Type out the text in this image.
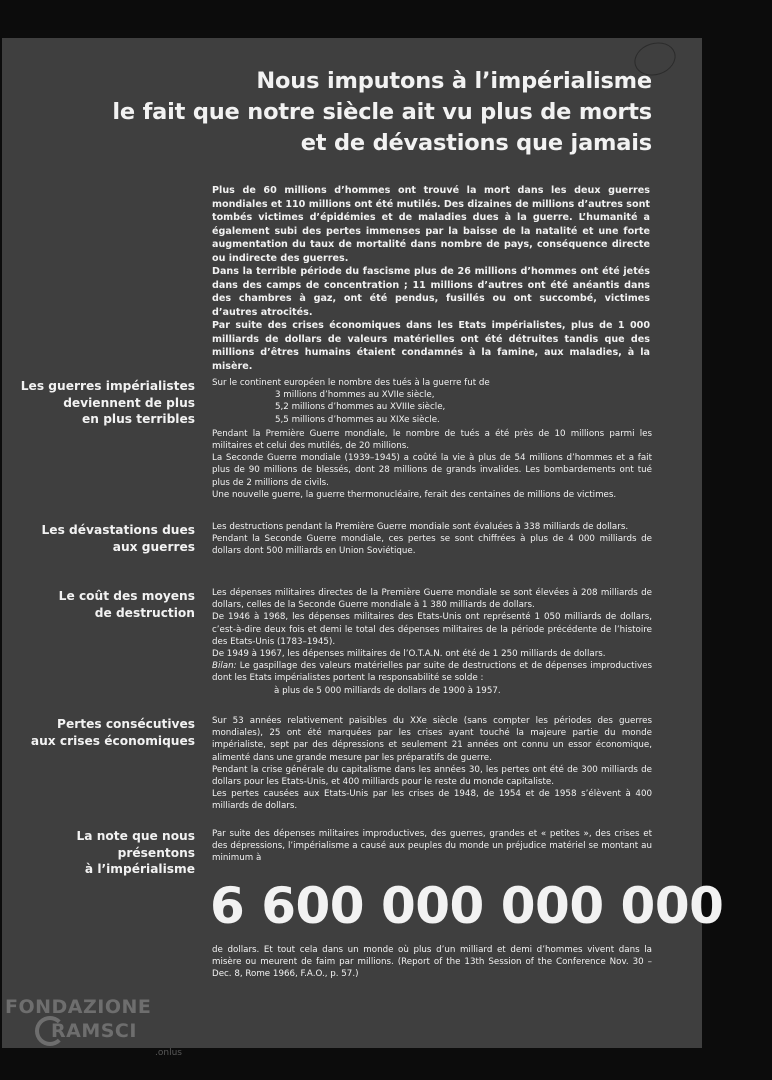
Nous imputons à l’impérialisme
le fait que notre siècle ait vu plus de morts
et de dévastions que jamais

Plus de 60 millions d’hommes ont trouvé la mort dans les deux guerres mondiales et 110 millions ont été mutilés. Des dizaines de millions d’autres sont tombés victimes d’épidémies et de maladies dues à la guerre. L’humanité a également subi des pertes immenses par la baisse de la natalité et une forte augmentation du taux de mortalité dans nombre de pays, conséquence directe ou indirecte des guerres.

Dans la terrible période du fascisme plus de 26 millions d’hommes ont été jetés dans des camps de concentration ; 11 millions d’autres ont été anéantis dans des chambres à gaz, ont été pendus, fusillés ou ont succombé, victimes d’autres atrocités.

Par suite des crises économiques dans les Etats impérialistes, plus de 1 000 milliards de dollars de valeurs matérielles ont été détruites tandis que des millions d’êtres humains étaient condamnés à la famine, aux maladies, à la misère.

Les guerres impérialistes
deviennent de plus
en plus terribles

Sur le continent européen le nombre des tués à la guerre fut de

3 millions d’hommes au XVIIe siècle,
5,2 millions d’hommes au XVIIIe siècle,
5,5 millions d’hommes au XIXe siècle.

Pendant la Première Guerre mondiale, le nombre de tués a été près de 10 millions parmi les militaires et celui des mutilés, de 20 millions.

La Seconde Guerre mondiale (1939–1945) a coûté la vie à plus de 54 millions d’hommes et a fait plus de 90 millions de blessés, dont 28 millions de grands invalides. Les bombardements ont tué plus de 2 millions de civils.

Une nouvelle guerre, la guerre thermonucléaire, ferait des centaines de millions de victimes.

Les dévastations dues
aux guerres

Les destructions pendant la Première Guerre mondiale sont évaluées à 338 milliards de dollars.

Pendant la Seconde Guerre mondiale, ces pertes se sont chiffrées à plus de 4 000 milliards de dollars dont 500 milliards en Union Soviétique.

Le coût des moyens
de destruction

Les dépenses militaires directes de la Première Guerre mondiale se sont élevées à 208 milliards de dollars, celles de la Seconde Guerre mondiale à 1 380 milliards de dollars.

De 1946 à 1968, les dépenses militaires des Etats-Unis ont représenté 1 050 milliards de dollars, c’est-à-dire deux fois et demi le total des dépenses militaires de la période précédente de l’histoire des Etats-Unis (1783–1945).

De 1949 à 1967, les dépenses militaires de l’O.T.A.N. ont été de 1 250 milliards de dollars.

Bilan: Le gaspillage des valeurs matérielles par suite de destructions et de dépenses improductives dont les Etats impérialistes portent la responsabilité se solde :

à plus de 5 000 milliards de dollars de 1900 à 1957.

Pertes consécutives
aux crises économiques

Sur 53 années relativement paisibles du XXe siècle (sans compter les périodes des guerres mondiales), 25 ont été marquées par les crises ayant touché la majeure partie du monde impérialiste, sept par des dépressions et seulement 21 années ont connu un essor économique, alimenté dans une grande mesure par les préparatifs de guerre.

Pendant la crise générale du capitalisme dans les années 30, les pertes ont été de 300 milliards de dollars pour les Etats-Unis, et 400 milliards pour le reste du monde capitaliste.

Les pertes causées aux Etats-Unis par les crises de 1948, de 1954 et de 1958 s’élèvent à 400 milliards de dollars.

La note que nous
présentons
à l’impérialisme

Par suite des dépenses militaires improductives, des guerres, grandes et « petites », des crises et des dépressions, l’impérialisme a causé aux peuples du monde un préjudice matériel se montant au minimum à

6 600 000 000 000
de dollars. Et tout cela dans un monde où plus d’un milliard et demi d’hommes vivent dans la misère ou meurent de faim par millions. (Report of the 13th Session of the Conference Nov. 30 – Dec. 8, Rome 1966, F.A.O., p. 57.)
FONDAZIONE
RAMSCI
.onlus
